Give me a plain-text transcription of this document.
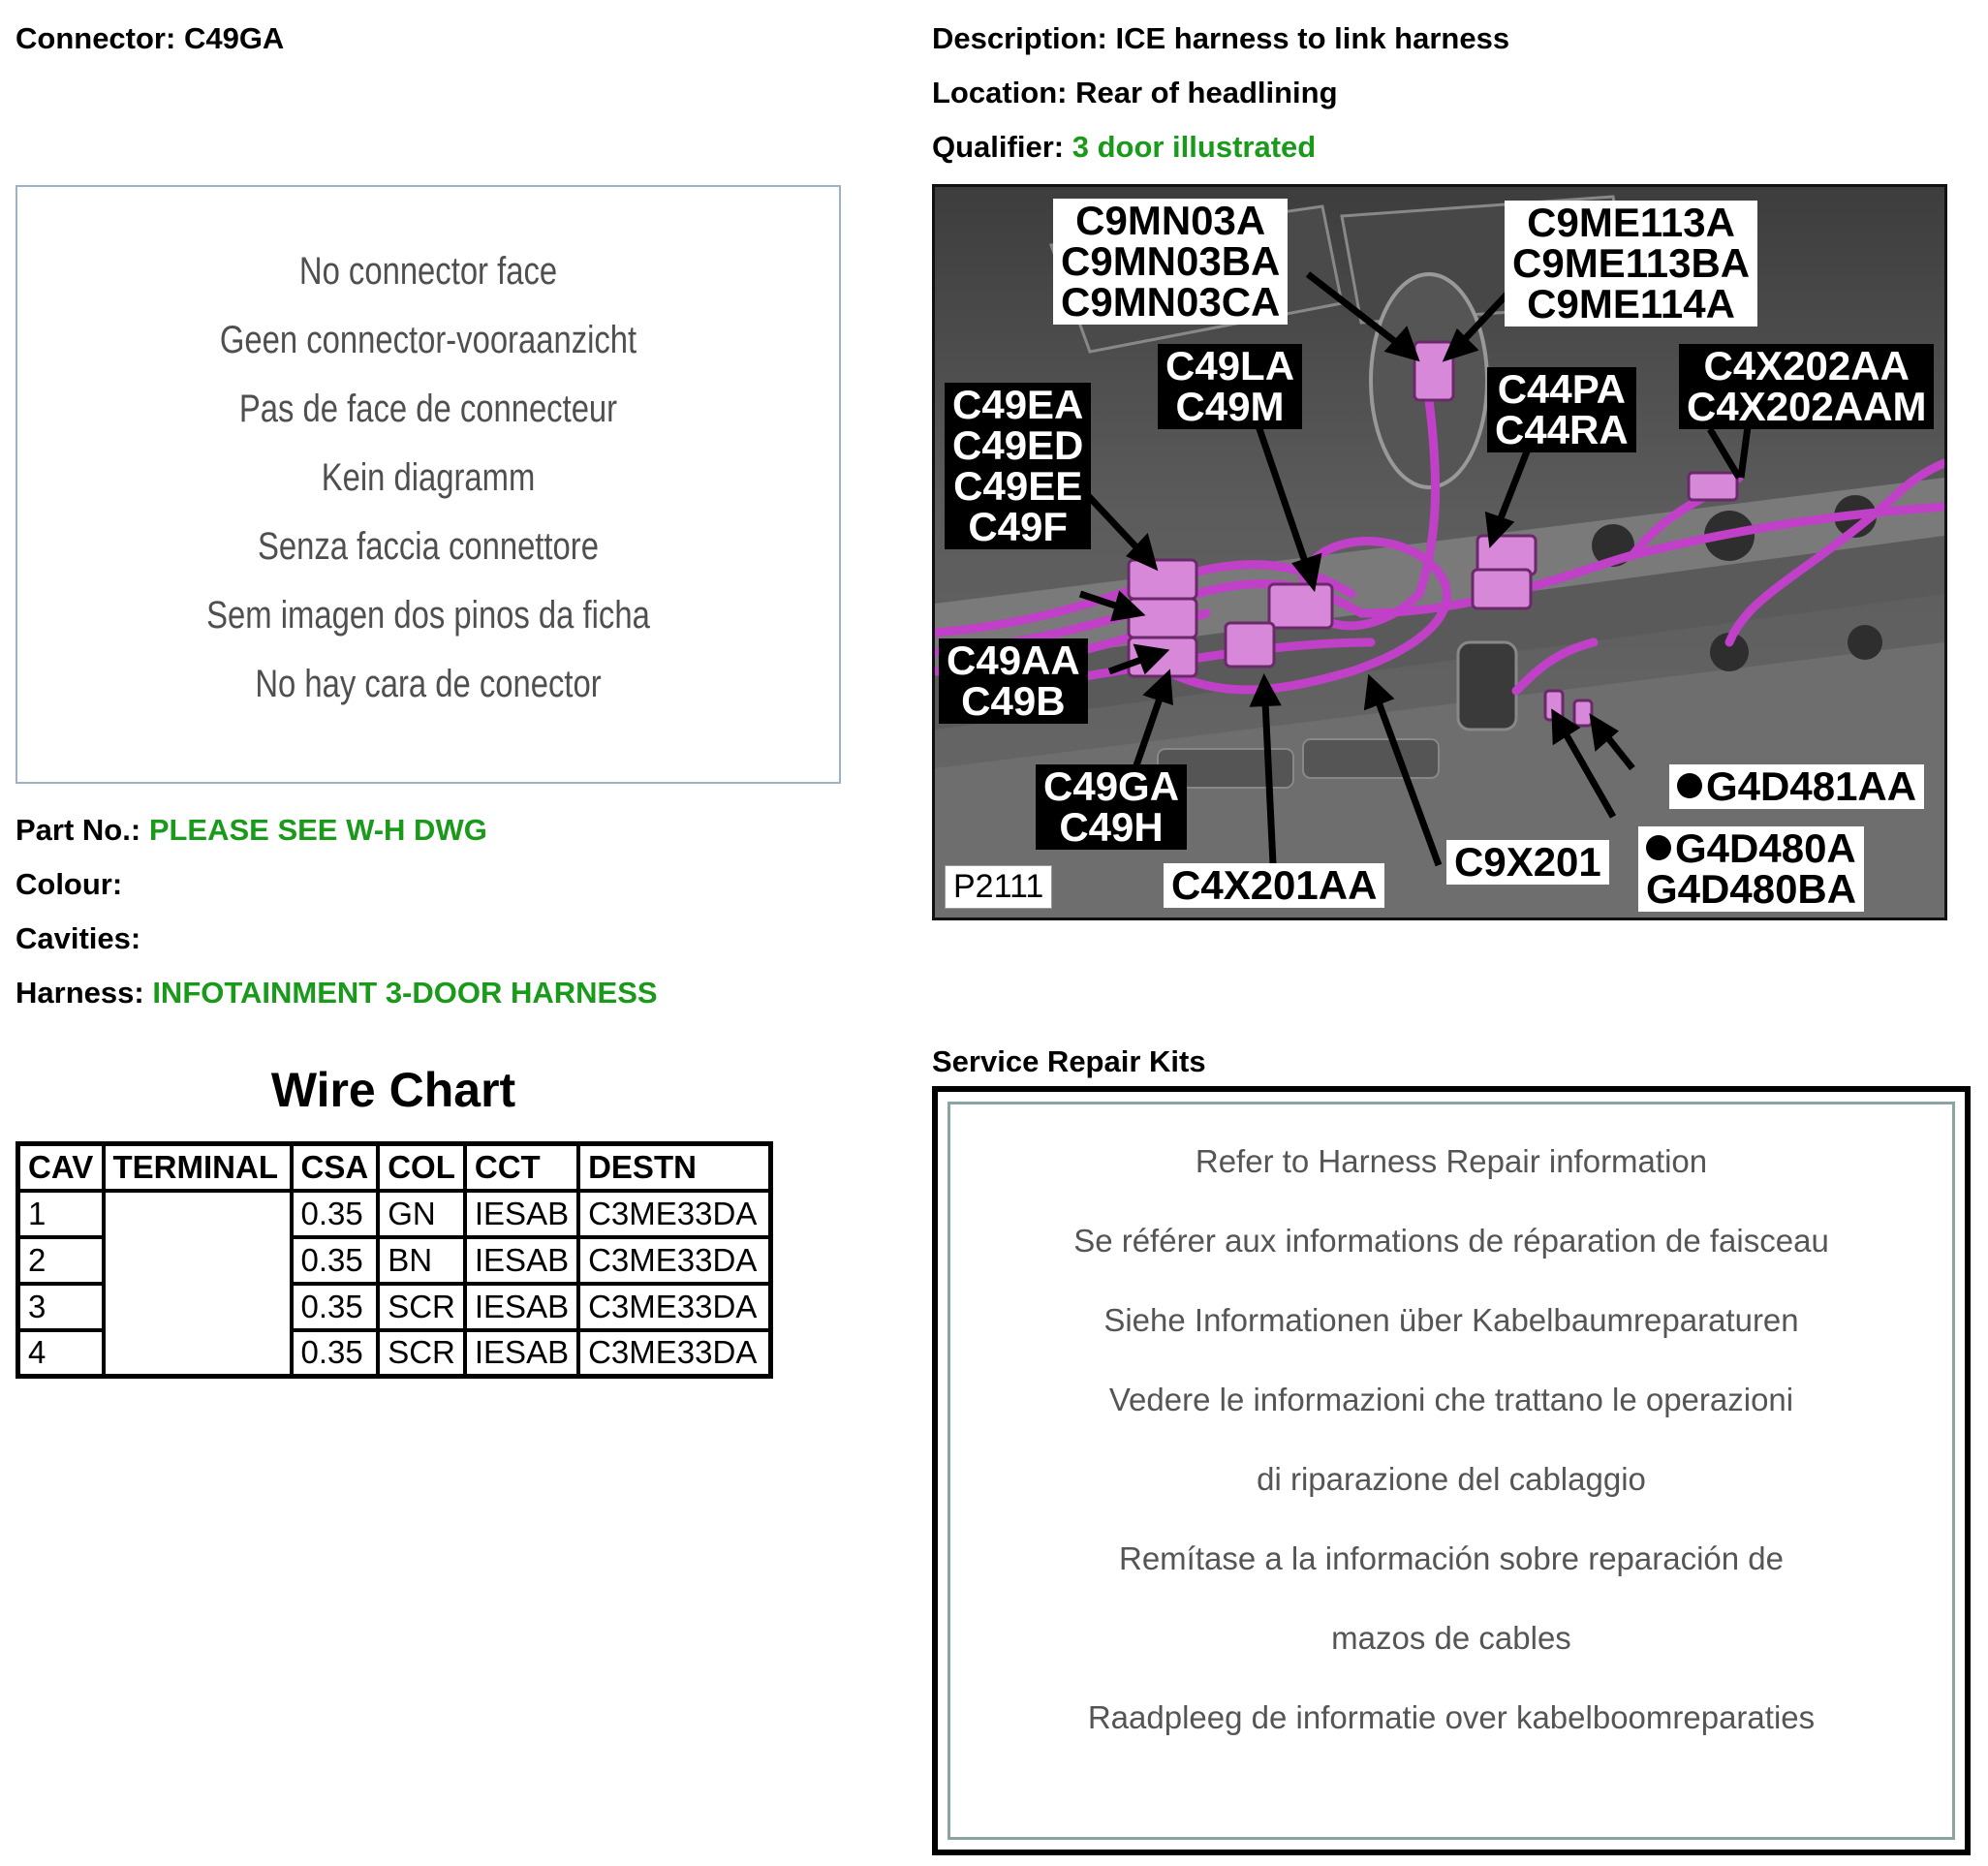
Connector: C49GA	Description: ICE harness to link harness
Location: Rear of headlining
Qualifier: 3 door illustrated
No connector face
Geen connector-vooraanzicht
Pas de face de connecteur
Kein diagramm
Senza faccia connettore
Sem imagen dos pinos da ficha
No hay cara de conector
Part No.: PLEASE SEE W-H DWG
Colour:
Cavities:
Harness: INFOTAINMENT 3-DOOR HARNESS
Wire Chart
CAV	TERMINAL	CSA	COL	CCT	DESTN
1		0.35	GN	IESAB	C3ME33DA
2		0.35	BN	IESAB	C3ME33DA
3		0.35	SCR	IESAB	C3ME33DA
4		0.35	SCR	IESAB	C3ME33DA
C9MN03A
C9MN03BA
C9MN03CA
C9ME113A
C9ME113BA
C9ME114A
C49LA
C49M	C44PA
C44RA
C4X202AA
C4X202AAM
C49EA
C49ED
C49EE
C49F
C49AA
C49B
C49GA
C49H
C4X201AA
C9X201
G4D481AA
G4D480A
G4D480BA
P2111
Service Repair Kits
Refer to Harness Repair information
Se référer aux informations de réparation de faisceau
Siehe Informationen über Kabelbaumreparaturen
Vedere le informazioni che trattano le operazioni
di riparazione del cablaggio
Remítase a la información sobre reparación de
mazos de cables
Raadpleeg de informatie over kabelboomreparaties
